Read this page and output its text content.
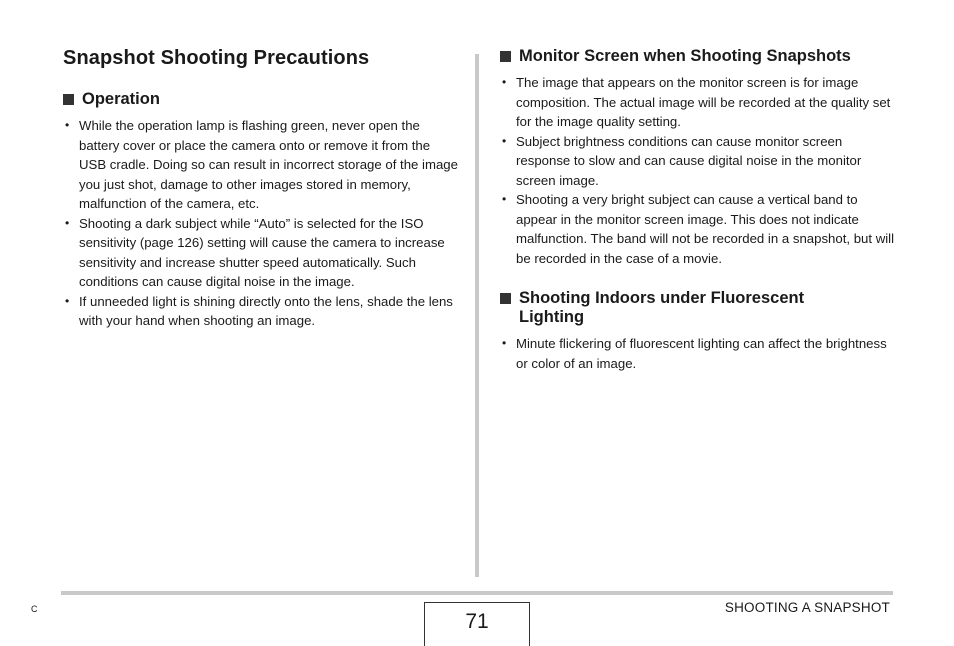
Snapshot Shooting Precautions
Operation
• While the operation lamp is flashing green, never open the battery cover or place the camera onto or remove it from the USB cradle. Doing so can result in incorrect storage of the image you just shot, damage to other images stored in memory, malfunction of the camera, etc.
• Shooting a dark subject while “Auto” is selected for the ISO sensitivity (page 126) setting will cause the camera to increase sensitivity and increase shutter speed automatically. Such conditions can cause digital noise in the image.
• If unneeded light is shining directly onto the lens, shade the lens with your hand when shooting an image.
Monitor Screen when Shooting Snapshots
• The image that appears on the monitor screen is for image composition. The actual image will be recorded at the quality set for the image quality setting.
• Subject brightness conditions can cause monitor screen response to slow and can cause digital noise in the monitor screen image.
• Shooting a very bright subject can cause a vertical band to appear in the monitor screen image. This does not indicate malfunction. The band will not be recorded in a snapshot, but will be recorded in the case of a movie.
Shooting Indoors under Fluorescent
Lighting
• Minute flickering of fluorescent lighting can affect the brightness or color of an image.
C
71
SHOOTING A SNAPSHOT
